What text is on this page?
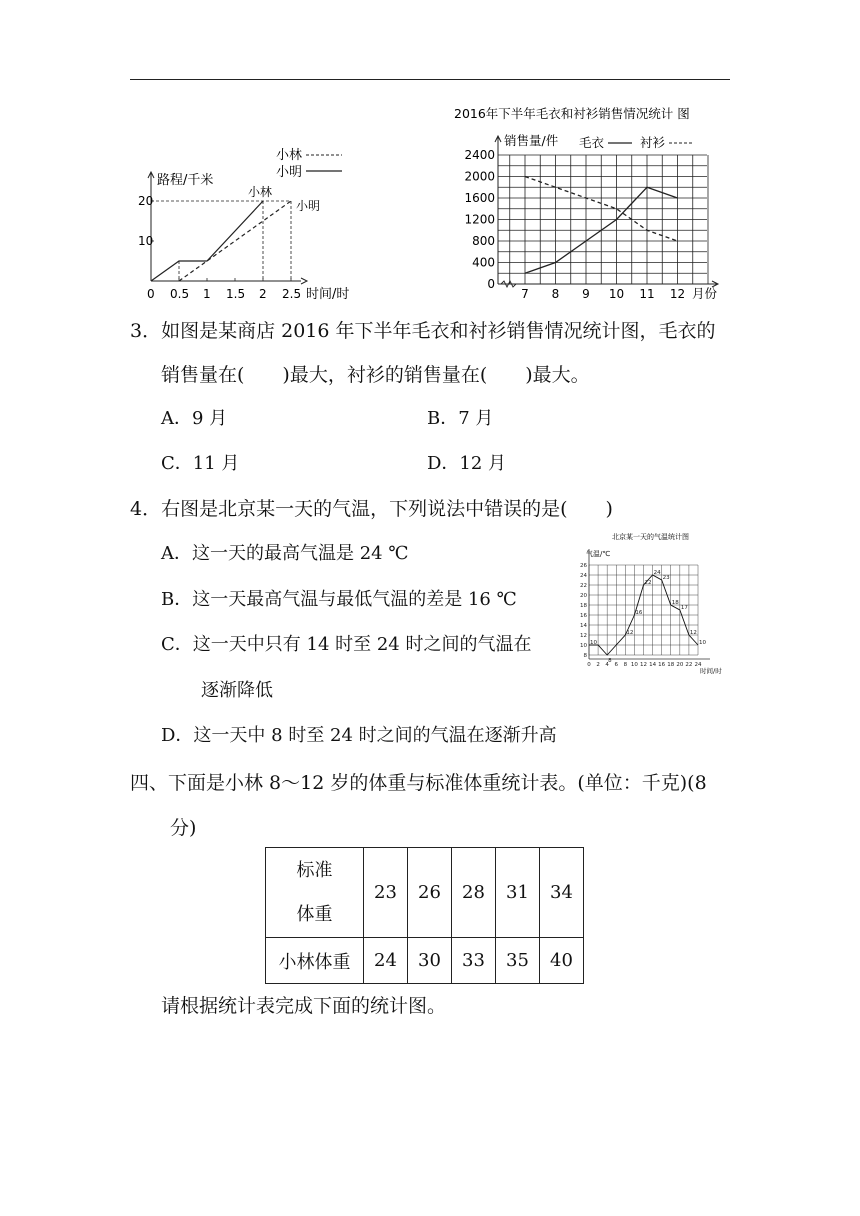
小林
小明
路程/千米
时间/时
小林
小明
20
10
0 0.5 1 1.5 2 2.5
2016年下半年毛衣和衬衫销售情况统计 图
销售量/件 毛衣	衬衫
月份
2400
2000
1600
1200
800
400
0
7 8 9 10 11 12
3．如图是某商店 2016 年下半年毛衣和衬衫销售情况统计图，毛衣的
销售量在(　　)最大，衬衫的销售量在(　　)最大。
A．9 月	B．7 月
C．11 月	D．12 月
4．右图是北京某一天的气温，下列说法中错误的是(　　)
A．这一天的最高气温是 24 ℃
B．这一天最高气温与最低气温的差是 16 ℃
C．这一天中只有 14 时至 24 时之间的气温在
逐渐降低
D．这一天中 8 时至 24 时之间的气温在逐渐升高
北京某一天的气温统计图
气温/℃
时间/时
10
8
12
16
22
24
23
18
17
12
10
26
24
22
20
18
16
14
12
10
8
0 2 4 6 8 10 12 14 16 18 20 22 24
四、下面是小林 8～12 岁的体重与标准体重统计表。(单位：千克)(8
分)
标准
体重	23	26	28	31	34
小林体重	24	30	33	35	40
请根据统计表完成下面的统计图。
